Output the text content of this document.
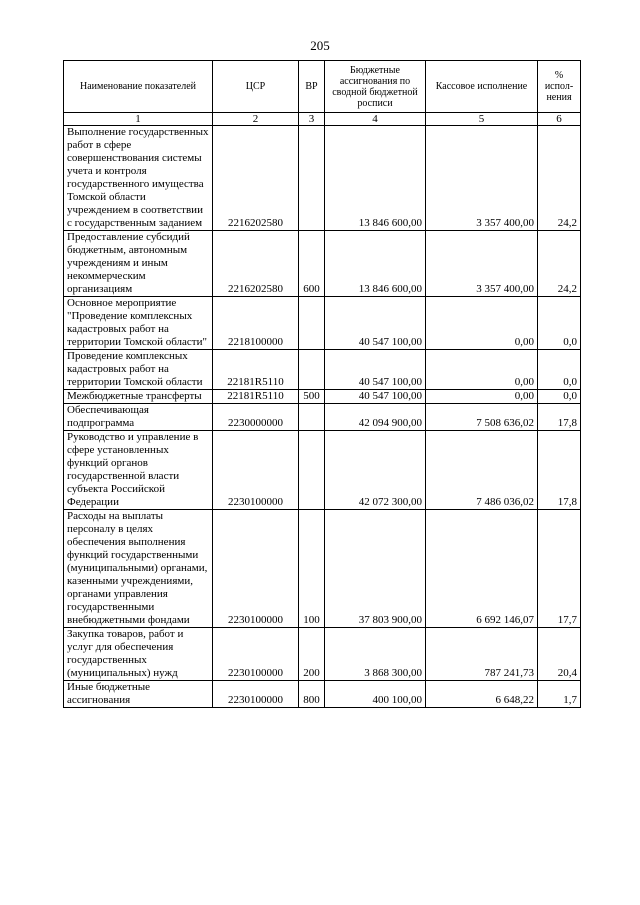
205
Наименование показателей	ЦСР	ВР	Бюджетные ассигнования по сводной бюджетной росписи	Кассовое исполнение	% испол-нения
1	2	3	4	5	6
Выполнение государственных работ в сфере совершенствования системы учета и контроля государственного имущества Томской области учреждением в соответствии с государственным заданием	2216202580		13 846 600,00	3 357 400,00	24,2
Предоставление субсидий бюджетным, автономным учреждениям и иным некоммерческим организациям	2216202580	600	13 846 600,00	3 357 400,00	24,2
Основное мероприятие "Проведение комплексных кадастровых работ на территории Томской области"	2218100000		40 547 100,00	0,00	0,0
Проведение комплексных кадастровых работ на территории Томской области	22181R5110		40 547 100,00	0,00	0,0
Межбюджетные трансферты	22181R5110	500	40 547 100,00	0,00	0,0
Обеспечивающая подпрограмма	2230000000		42 094 900,00	7 508 636,02	17,8
Руководство и управление в сфере установленных функций органов государственной власти субъекта Российской Федерации	2230100000		42 072 300,00	7 486 036,02	17,8
Расходы на выплаты персоналу в целях обеспечения выполнения функций государственными (муниципальными) органами, казенными учреждениями, органами управления государственными внебюджетными фондами	2230100000	100	37 803 900,00	6 692 146,07	17,7
Закупка товаров, работ и услуг для обеспечения государственных (муниципальных) нужд	2230100000	200	3 868 300,00	787 241,73	20,4
Иные бюджетные ассигнования	2230100000	800	400 100,00	6 648,22	1,7
